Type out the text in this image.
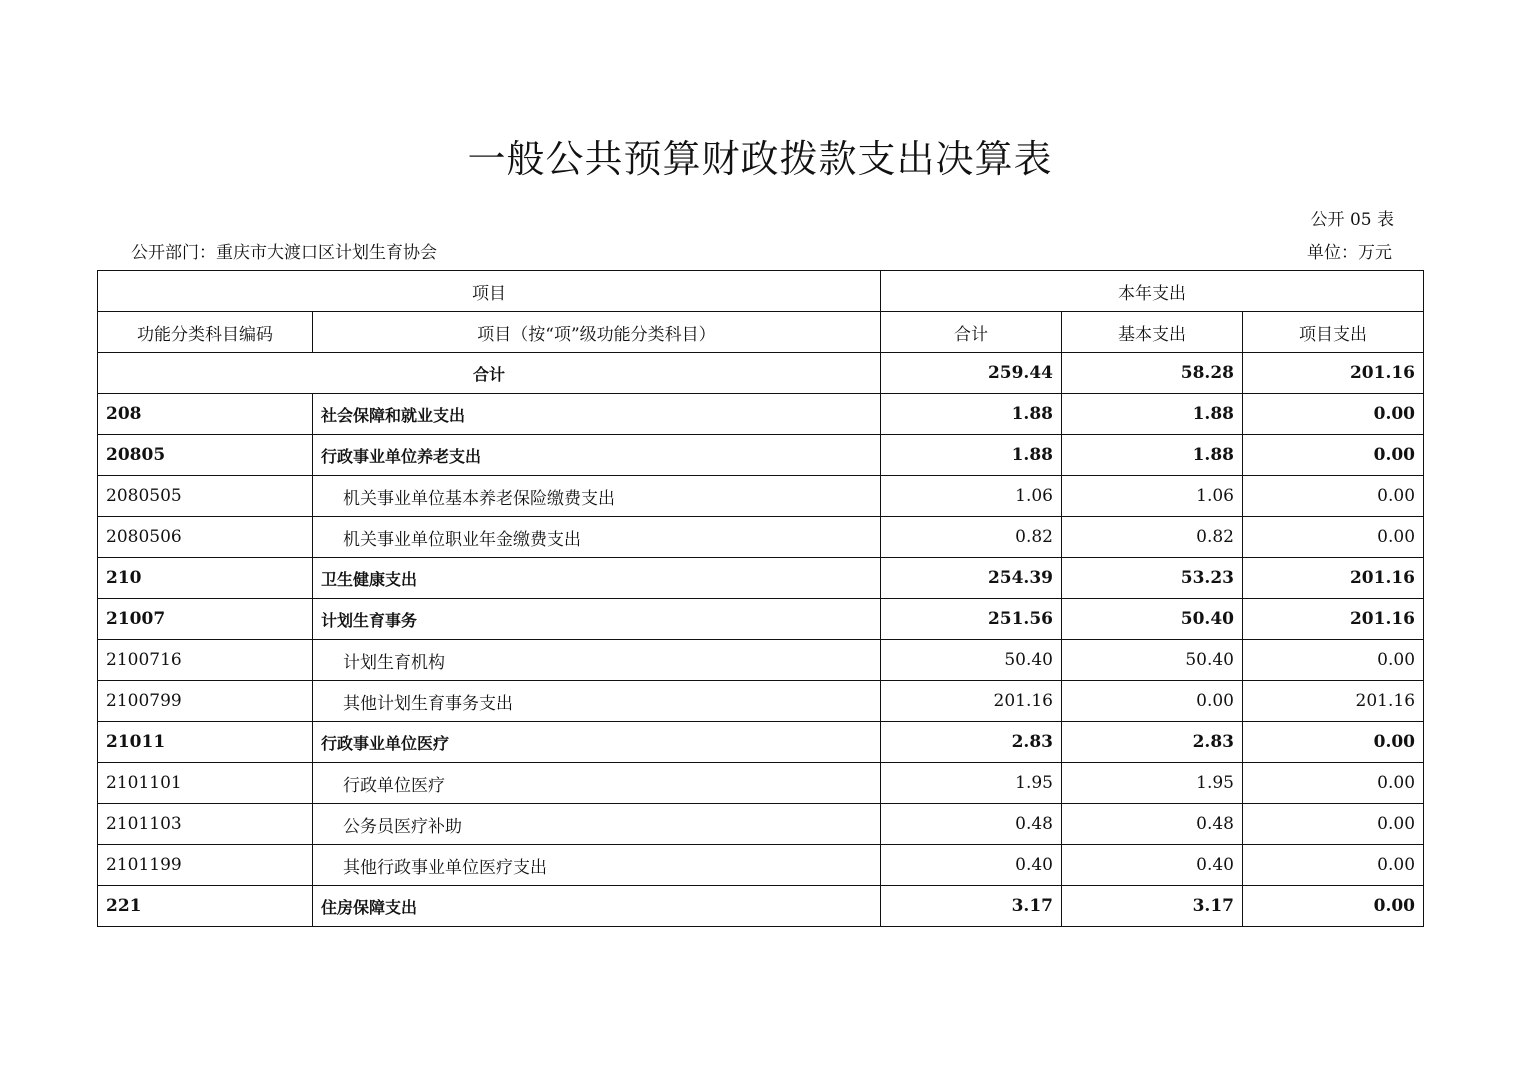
一般公共预算财政拨款支出决算表
公开 05 表
公开部门：重庆市大渡口区计划生育协会	单位：万元
项目		本年支出		
功能分类科目编码	项目（按“项”级功能分类科目）	合计	基本支出	项目支出
合计		259.44	58.28	201.16
208	社会保障和就业支出	1.88	1.88	0.00
20805	行政事业单位养老支出	1.88	1.88	0.00
2080505	机关事业单位基本养老保险缴费支出	1.06	1.06	0.00
2080506	机关事业单位职业年金缴费支出	0.82	0.82	0.00
210	卫生健康支出	254.39	53.23	201.16
21007	计划生育事务	251.56	50.40	201.16
2100716	计划生育机构	50.40	50.40	0.00
2100799	其他计划生育事务支出	201.16	0.00	201.16
21011	行政事业单位医疗	2.83	2.83	0.00
2101101	行政单位医疗	1.95	1.95	0.00
2101103	公务员医疗补助	0.48	0.48	0.00
2101199	其他行政事业单位医疗支出	0.40	0.40	0.00
221	住房保障支出	3.17	3.17	0.00
